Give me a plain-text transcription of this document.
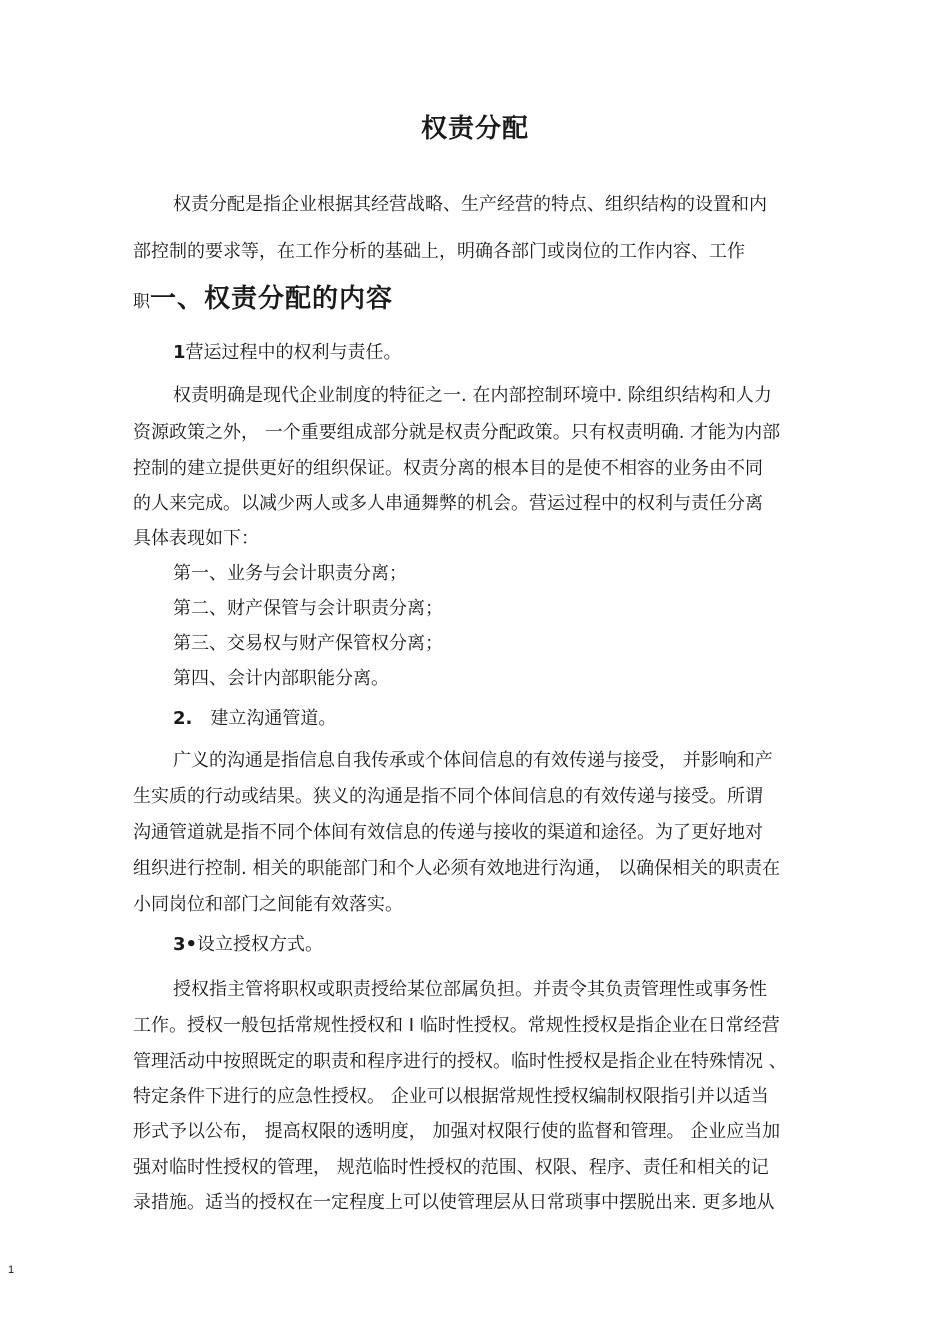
权责分配
权责分配是指企业根据其经营战略、生产经营的特点、组织结构的设置和内
部控制的要求等，在工作分析的基础上，明确各部门或岗位的工作内容、工作
职一、权责分配的内容
1营运过程中的权利与责任。
权责明确是现代企业制度的特征之一. 在内部控制环境中. 除组织结构和人力
资源政策之外， 一个重要组成部分就是权责分配政策。只有权责明确. 才能为内部
控制的建立提供更好的组织保证。权责分离的根本目的是使不相容的业务由不同
的人来完成。以减少两人或多人串通舞弊的机会。营运过程中的权利与责任分离
具体表现如下：
第一、业务与会计职责分离；
第二、财产保管与会计职责分离；
第三、交易权与财产保管权分离；
第四、会计内部职能分离。
2. 建立沟通管道。
广义的沟通是指信息自我传承或个体间信息的有效传递与接受， 并影响和产
生实质的行动或结果。狭义的沟通是指不同个体间信息的有效传递与接受。所谓
沟通管道就是指不同个体间有效信息的传递与接收的渠道和途径。为了更好地对
组织进行控制. 相关的职能部门和个人必须有效地进行沟通， 以确保相关的职责在
小同岗位和部门之间能有效落实。
3•设立授权方式。
授权指主管将职权或职责授给某位部属负担。并责令其负责管理性或事务性
工作。授权一般包括常规性授权和 I 临时性授权。常规性授权是指企业在日常经营
管理活动中按照既定的职责和程序进行的授权。临时性授权是指企业在特殊情况 、
特定条件下进行的应急性授权。 企业可以根据常规性授权编制权限指引并以适当
形式予以公布， 提高权限的透明度， 加强对权限行使的监督和管理。 企业应当加
强对临时性授权的管理， 规范临时性授权的范围、权限、程序、责任和相关的记
录措施。适当的授权在一定程度上可以使管理层从日常琐事中摆脱出来. 更多地从
1
